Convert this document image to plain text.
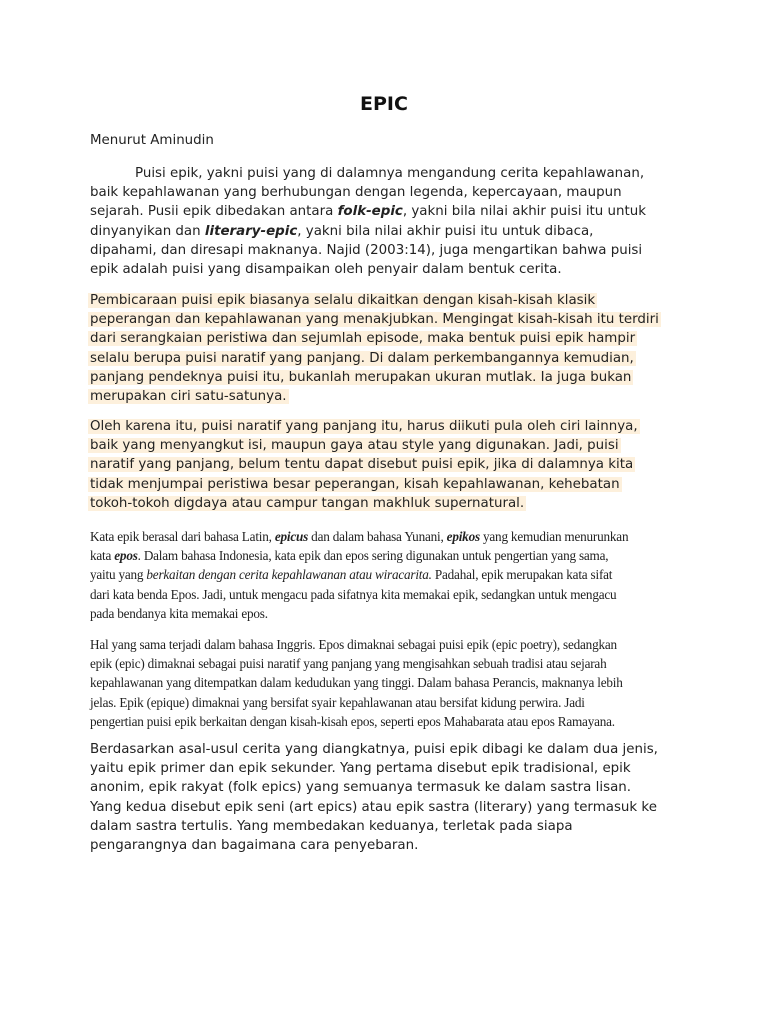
EPIC

Menurut Aminudin

Puisi epik, yakni puisi yang di dalamnya mengandung cerita kepahlawanan,
baik kepahlawanan yang berhubungan dengan legenda, kepercayaan, maupun
sejarah. Pusii epik dibedakan antara folk-epic, yakni bila nilai akhir puisi itu untuk
dinyanyikan dan literary-epic, yakni bila nilai akhir puisi itu untuk dibaca,
dipahami, dan diresapi maknanya. Najid (2003:14), juga mengartikan bahwa puisi
epik adalah puisi yang disampaikan oleh penyair dalam bentuk cerita.

Pembicaraan puisi epik biasanya selalu dikaitkan dengan kisah-kisah klasik
peperangan dan kepahlawanan yang menakjubkan. Mengingat kisah-kisah itu terdiri
dari serangkaian peristiwa dan sejumlah episode, maka bentuk puisi epik hampir
selalu berupa puisi naratif yang panjang. Di dalam perkembangannya kemudian,
panjang pendeknya puisi itu, bukanlah merupakan ukuran mutlak. Ia juga bukan
merupakan ciri satu-satunya.

Oleh karena itu, puisi naratif yang panjang itu, harus diikuti pula oleh ciri lainnya,
baik yang menyangkut isi, maupun gaya atau style yang digunakan. Jadi, puisi
naratif yang panjang, belum tentu dapat disebut puisi epik, jika di dalamnya kita
tidak menjumpai peristiwa besar peperangan, kisah kepahlawanan, kehebatan
tokoh-tokoh digdaya atau campur tangan makhluk supernatural.

Kata epik berasal dari bahasa Latin, epicus dan dalam bahasa Yunani, epikos yang kemudian menurunkan
kata epos. Dalam bahasa Indonesia, kata epik dan epos sering digunakan untuk pengertian yang sama,
yaitu yang berkaitan dengan cerita kepahlawanan atau wiracarita. Padahal, epik merupakan kata sifat
dari kata benda Epos. Jadi, untuk mengacu pada sifatnya kita memakai epik, sedangkan untuk mengacu
pada bendanya kita memakai epos.

Hal yang sama terjadi dalam bahasa Inggris. Epos dimaknai sebagai puisi epik (epic poetry), sedangkan
epik (epic) dimaknai sebagai puisi naratif yang panjang yang mengisahkan sebuah tradisi atau sejarah
kepahlawanan yang ditempatkan dalam kedudukan yang tinggi. Dalam bahasa Perancis, maknanya lebih
jelas. Epik (epique) dimaknai yang bersifat syair kepahlawanan atau bersifat kidung perwira. Jadi
pengertian puisi epik berkaitan dengan kisah-kisah epos, seperti epos Mahabarata atau epos Ramayana.

Berdasarkan asal-usul cerita yang diangkatnya, puisi epik dibagi ke dalam dua jenis,
yaitu epik primer dan epik sekunder. Yang pertama disebut epik tradisional, epik
anonim, epik rakyat (folk epics) yang semuanya termasuk ke dalam sastra lisan.
Yang kedua disebut epik seni (art epics) atau epik sastra (literary) yang termasuk ke
dalam sastra tertulis. Yang membedakan keduanya, terletak pada siapa
pengarangnya dan bagaimana cara penyebaran.
